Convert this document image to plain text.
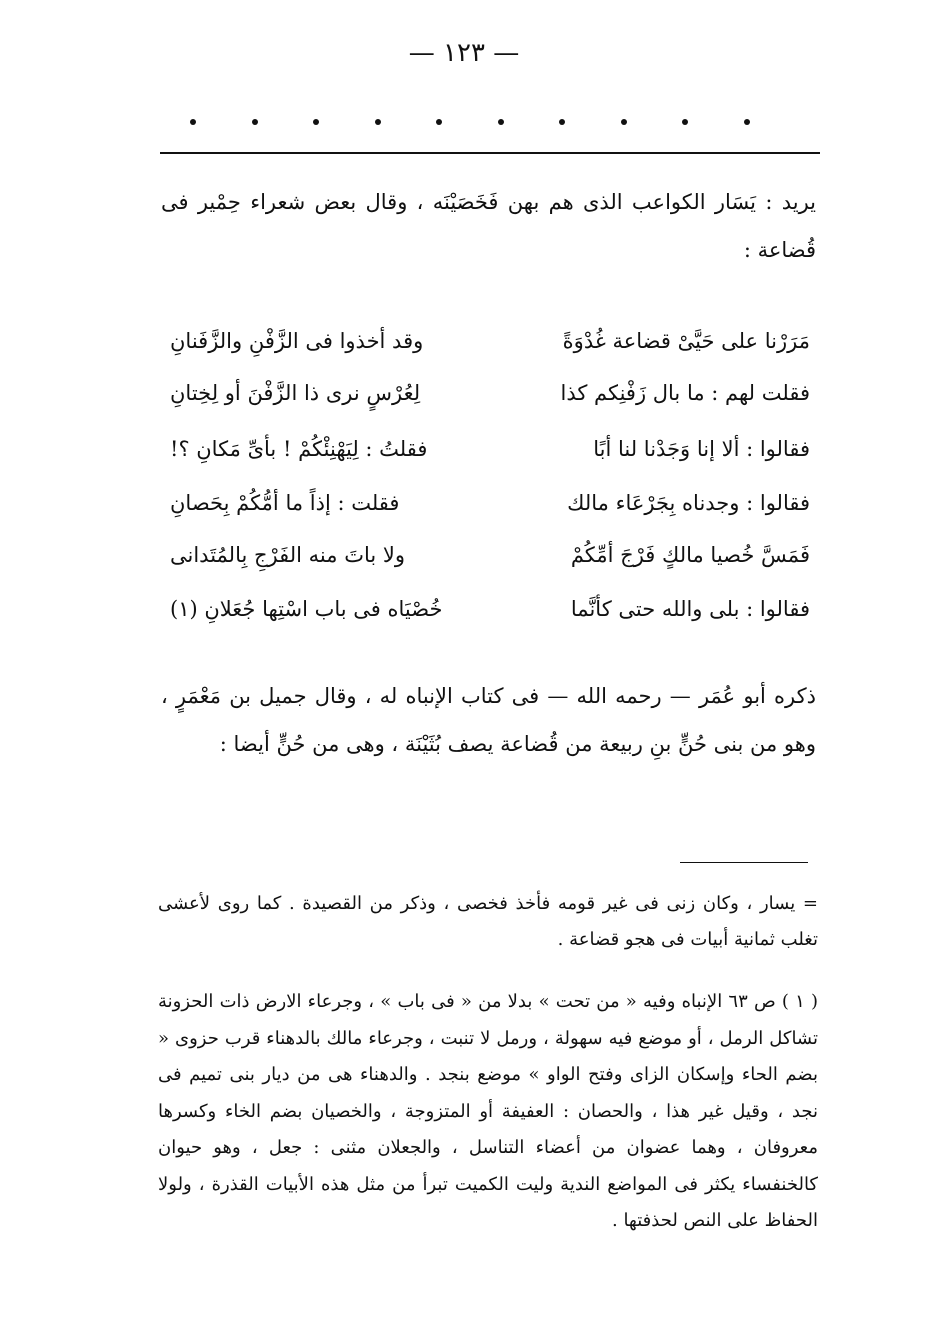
— ١٢٣ —
يريد : يَسَار الكواعب الذى هم بهن فَخَصَيْنَه ، وقال بعض شعراء حِمْير فى قُضاعة :
مَرَرْنا على حَيَّىْ قضاعة غُدْوَةً
وقد أخذوا فى الزَّفْنِ والزَّفَنانِ
فقلت لهم : ما بال زَفْنِكم كذا
لِعُرْسٍ نرى ذا الزَّفْنَ أو لِخِتانِ
فقالوا : ألا إنا وَجَدْنا لنا أبًا
فقلتُ : لِيَهْنِئْكُمْ ! بأىِّ مَكانِ ؟!
فقالوا : وجدناه بِجَرْعَاء مالك
فقلت : إذاً ما أمُّكُمْ بِحَصانِ
فَمَسَّ خُصيا مالكٍ فَرْجَ أمِّكُمْ
ولا باتَ منه الفَرْجِ بِالمُتَدانى
فقالوا : بلى والله حتى كأنَّما
خُصْيَاه فى باب اسْتِها جُعَلانِ (١)
ذكره أبو عُمَر — رحمه الله — فى كتاب الإنباه له ، وقال جميل بن مَعْمَرٍ ، وهو من بنى حُنٍّ بنِ ربيعة من قُضاعة يصف بُثَيْنَة ، وهى من حُنٍّ أيضا :
= يسار ، وكان زنى فى غير قومه فأخذ فخصى ، وذكر من القصيدة . كما روى لأعشى تغلب ثمانية أبيات فى هجو قضاعة .
( ١ ) ص ٦٣ الإنباه وفيه « من تحت » بدلا من « فى باب » ، وجرعاء الارض ذات الحزونة تشاكل الرمل ، أو موضع فيه سهولة ، ورمل لا تنبت ، وجرعاء مالك بالدهناء قرب حزوى « بضم الحاء وإسكان الزاى وفتح الواو » موضع بنجد . والدهناء هى من ديار بنى تميم فى نجد ، وقيل غير هذا ، والحصان : العفيفة أو المتزوجة ، والخصيان بضم الخاء وكسرها معروفان ، وهما عضوان من أعضاء التناسل ، والجعلان مثنى : جعل ، وهو حيوان كالخنفساء يكثر فى المواضع الندية وليت الكميت تبرأ من مثل هذه الأبيات القذرة ، ولولا الحفاظ على النص لحذفتها .
